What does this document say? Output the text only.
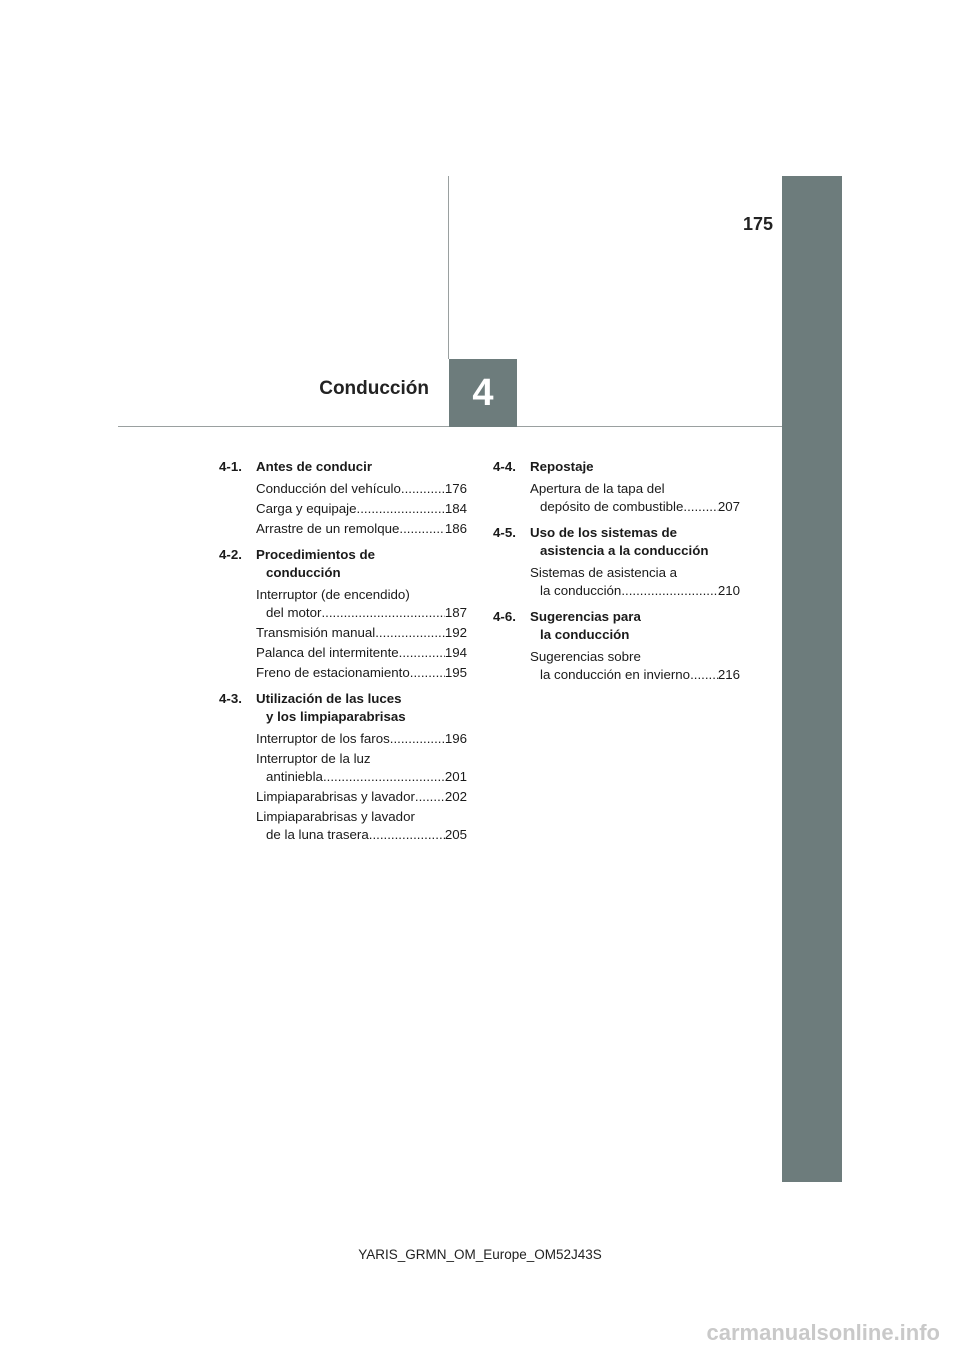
175
Conducción 4
4-1.	Antes de conducir
Conducción del vehículo .....	176
Carga y equipaje .....	184
Arrastre de un remolque .....	186
4-2.	Procedimientos de
conducción
Interruptor (de encendido)
del motor .....	187
Transmisión manual .....	192
Palanca del intermitente .....	194
Freno de estacionamiento .....	195
4-3.	Utilización de las luces
y los limpiaparabrisas
Interruptor de los faros .....	196
Interruptor de la luz
antiniebla .....	201
Limpiaparabrisas y lavador ..... 202
Limpiaparabrisas y lavador
de la luna trasera .....	205
4-4.	Repostaje
Apertura de la tapa del
depósito de combustible .....	207
4-5.	Uso de los sistemas de
asistencia a la conducción
Sistemas de asistencia a
la conducción .....	210
4-6.	Sugerencias para
la conducción
Sugerencias sobre
la conducción en invierno ..... 216
YARIS_GRMN_OM_Europe_OM52J43S
carmanualsonline.info
